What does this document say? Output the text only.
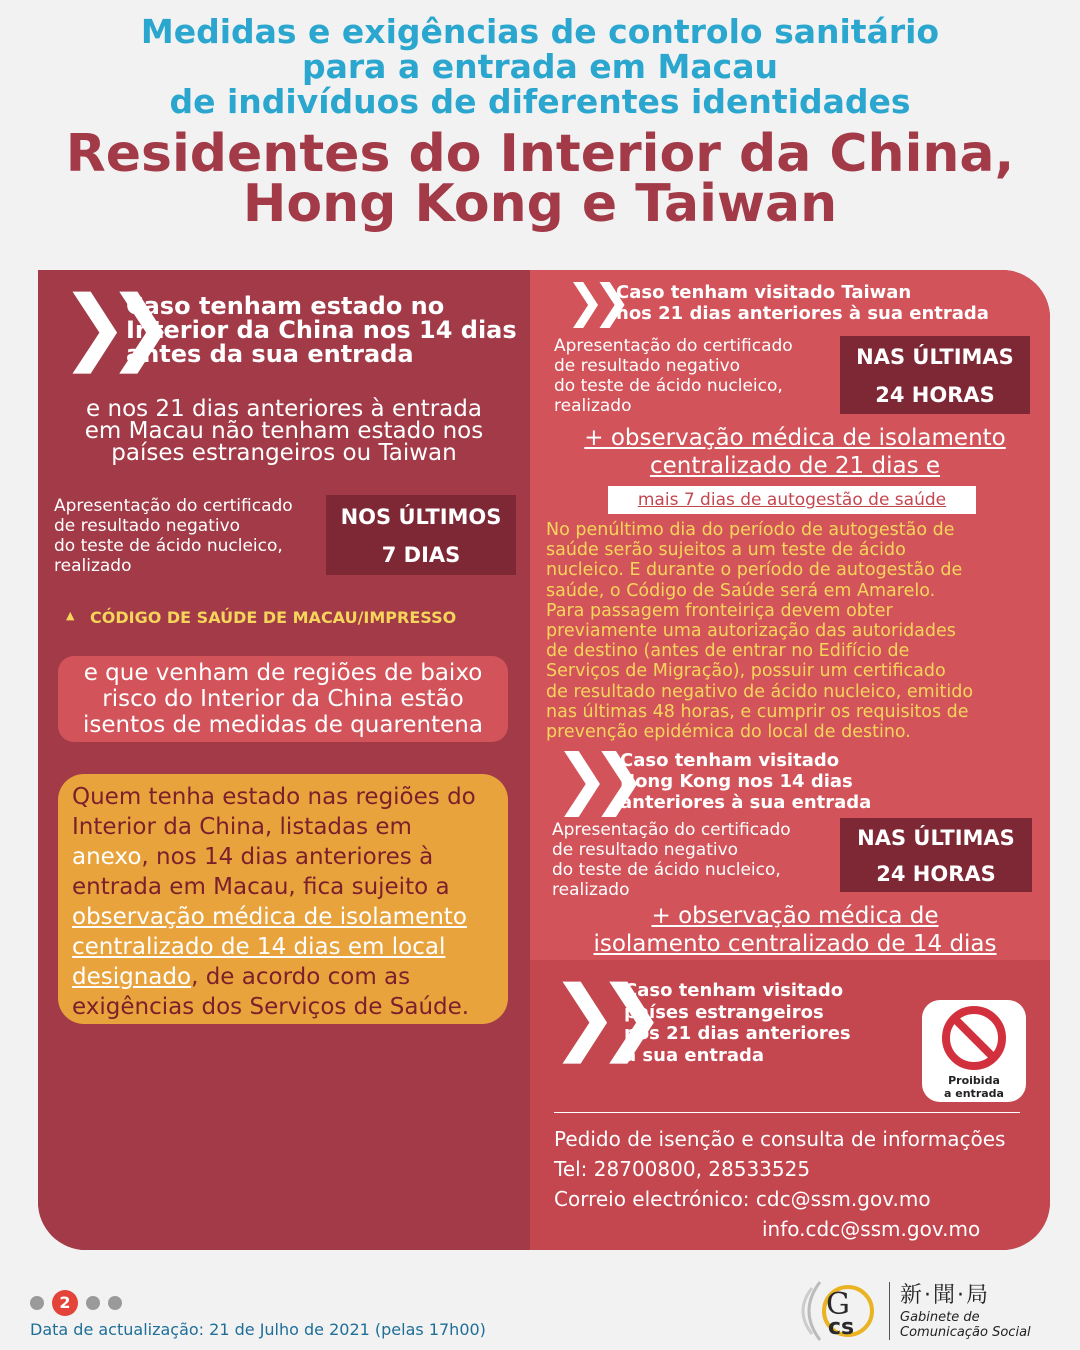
Medidas e exigências de controlo sanitário
para a entrada em Macau
de indivíduos de diferentes identidades
Residentes do Interior da China,
Hong Kong e Taiwan
❯❯
Caso tenham estado no
Interior da China nos 14 dias
antes da sua entrada
e nos 21 dias anteriores à entrada
em Macau não tenham estado nos
países estrangeiros ou Taiwan
Apresentação do certificado
de resultado negativo
do teste de ácido nucleico,
realizado
NOS ÚLTIMOS
7 DIAS
▲ CÓDIGO DE SAÚDE DE MACAU/IMPRESSO
e que venham de regiões de baixo
risco do Interior da China estão
isentos de medidas de quarentena
Quem tenha estado nas regiões do
Interior da China, listadas em
anexo, nos 14 dias anteriores à
entrada em Macau, fica sujeito a
observação médica de isolamento
centralizado de 14 dias em local
designado, de acordo com as
exigências dos Serviços de Saúde.
❯❯
Caso tenham visitado Taiwan
nos 21 dias anteriores à sua entrada
Apresentação do certificado
de resultado negativo
do teste de ácido nucleico,
realizado
NAS ÚLTIMAS
24 HORAS
+ observação médica de isolamento
centralizado de 21 dias e
mais 7 dias de autogestão de saúde
No penúltimo dia do período de autogestão de
saúde serão sujeitos a um teste de ácido
nucleico. E durante o período de autogestão de
saúde, o Código de Saúde será em Amarelo.
Para passagem fronteiriça devem obter
previamente uma autorização das autoridades
de destino (antes de entrar no Edifício de
Serviços de Migração), possuir um certificado
de resultado negativo de ácido nucleico, emitido
nas últimas 48 horas, e cumprir os requisitos de
prevenção epidémica do local de destino.
❯❯
Caso tenham visitado
Hong Kong nos 14 dias
anteriores à sua entrada
Apresentação do certificado
de resultado negativo
do teste de ácido nucleico,
realizado
NAS ÚLTIMAS
24 HORAS
+ observação médica de
isolamento centralizado de 14 dias
❯❯
Caso tenham visitado
países estrangeiros
nos 21 dias anteriores
à sua entrada
Proibida
a entrada
Pedido de isenção e consulta de informações
Tel: 28700800, 28533525
Correio electrónico: cdc@ssm.gov.mo
info.cdc@ssm.gov.mo
2
Data de actualização: 21 de Julho de 2021 (pelas 17h00)	cs
G 新·聞·局
Gabinete de
Comunicação Social
